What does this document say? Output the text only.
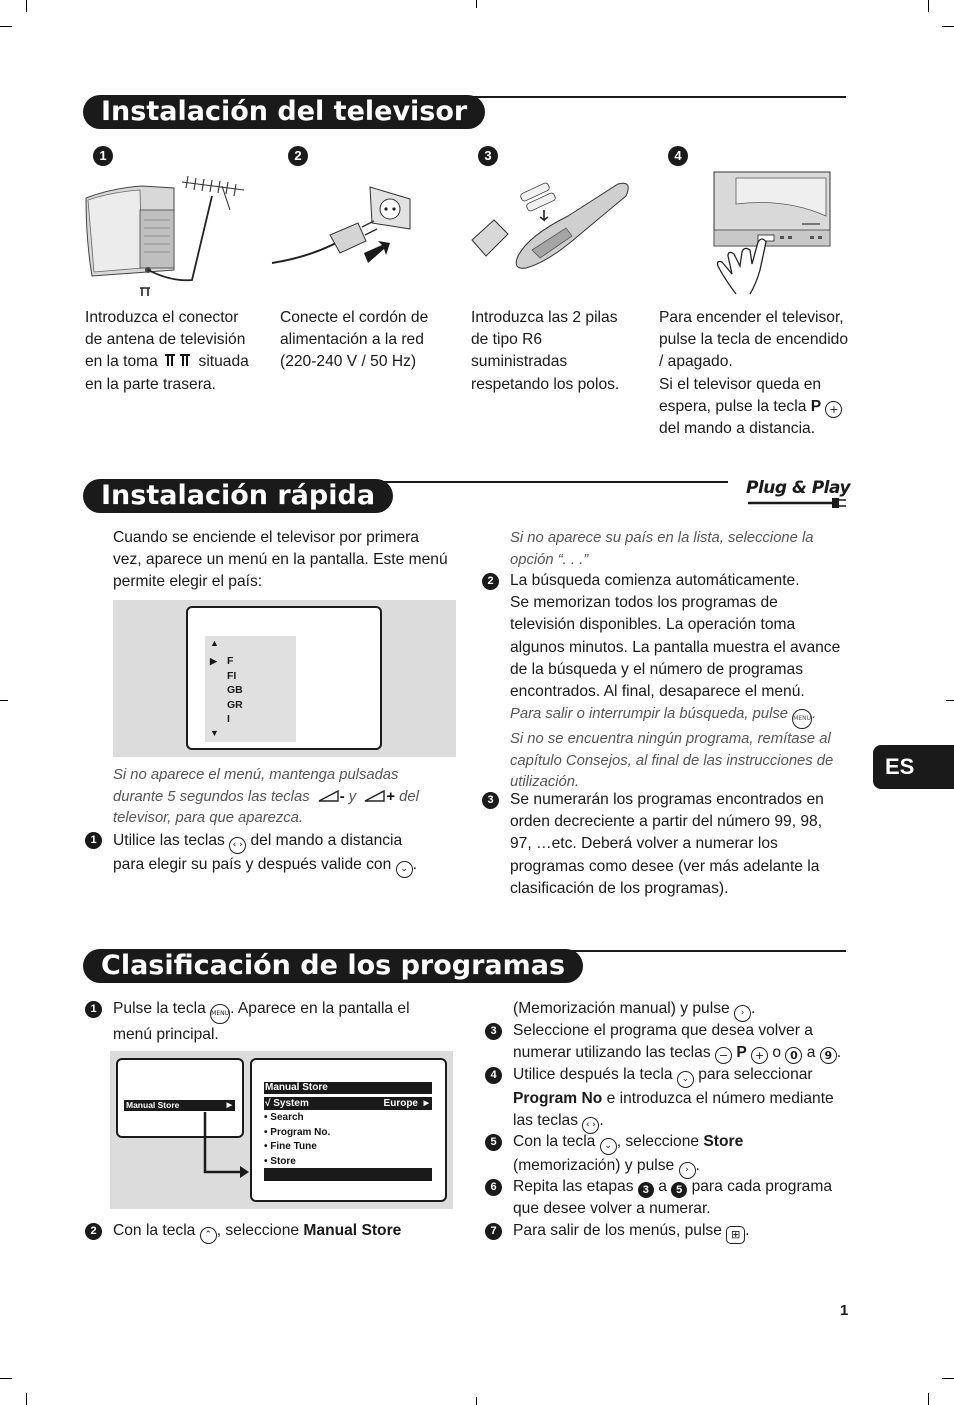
Instalación del televisor
1	2	3	4
Introduzca el conector
de antena de televisión
en la toma	situada
en la parte trasera.
Conecte el cordón de
alimentación a la red
(220-240 V / 50 Hz)
Introduzca las 2 pilas
de tipo R6
suministradas
respetando los polos.
Para encender el televisor,
pulse la tecla de encendido
/ apagado.
Si el televisor queda en
espera, pulse la tecla P +
del mando a distancia.
Instalación rápida	Plug & Play
Cuando se enciende el televisor por primera
vez, aparece un menú en la pantalla. Este menú
permite elegir el país:
▲
▶ F
FI
GB
GR
I
▼
Si no aparece el menú, mantenga pulsadas
durante 5 segundos las teclas - y + del
televisor, para que aparezca.
1	Utilice las teclas ‹ › del mando a distancia
para elegir su país y después valide con ⌄ .
Si no aparece su país en la lista, seleccione la
opción “. . .”
2	La búsqueda comienza automáticamente.
Se memorizan todos los programas de
televisión disponibles. La operación toma
algunos minutos. La pantalla muestra el avance
de la búsqueda y el número de programas
encontrados. Al final, desaparece el menú.
Para salir o interrumpir la búsqueda, pulse MENU.
Si no se encuentra ningún programa, remítase al
capítulo Consejos, al final de las instrucciones de
utilización.
3	Se numerarán los programas encontrados en
orden decreciente a partir del número 99, 98,
97, …etc. Deberá volver a numerar los
programas como desee (ver más adelante la
clasificación de los programas).
ES
Clasificación de los programas
1	Pulse la tecla MENU. Aparece en la pantalla el
menú principal.
Manual Store	▶
Manual Store
√ System	Europe ▶
• Search
• Program No.
• Fine Tune
• Store
2	Con la tecla ⌃ , seleccione Manual Store
(Memorización manual) y pulse › .
3	Seleccione el programa que desea volver a
numerar utilizando las teclas − P + o 0 a 9 .
4	Utilice después la tecla ⌄ para seleccionar
Program No e introduzca el número mediante
las teclas ‹ › .
5	Con la tecla ⌄ , seleccione Store
(memorización) y pulse › .
6	Repita las etapas 3 a 5 para cada programa
que desee volver a numerar.
7	Para salir de los menús, pulse ⊞ .
1
